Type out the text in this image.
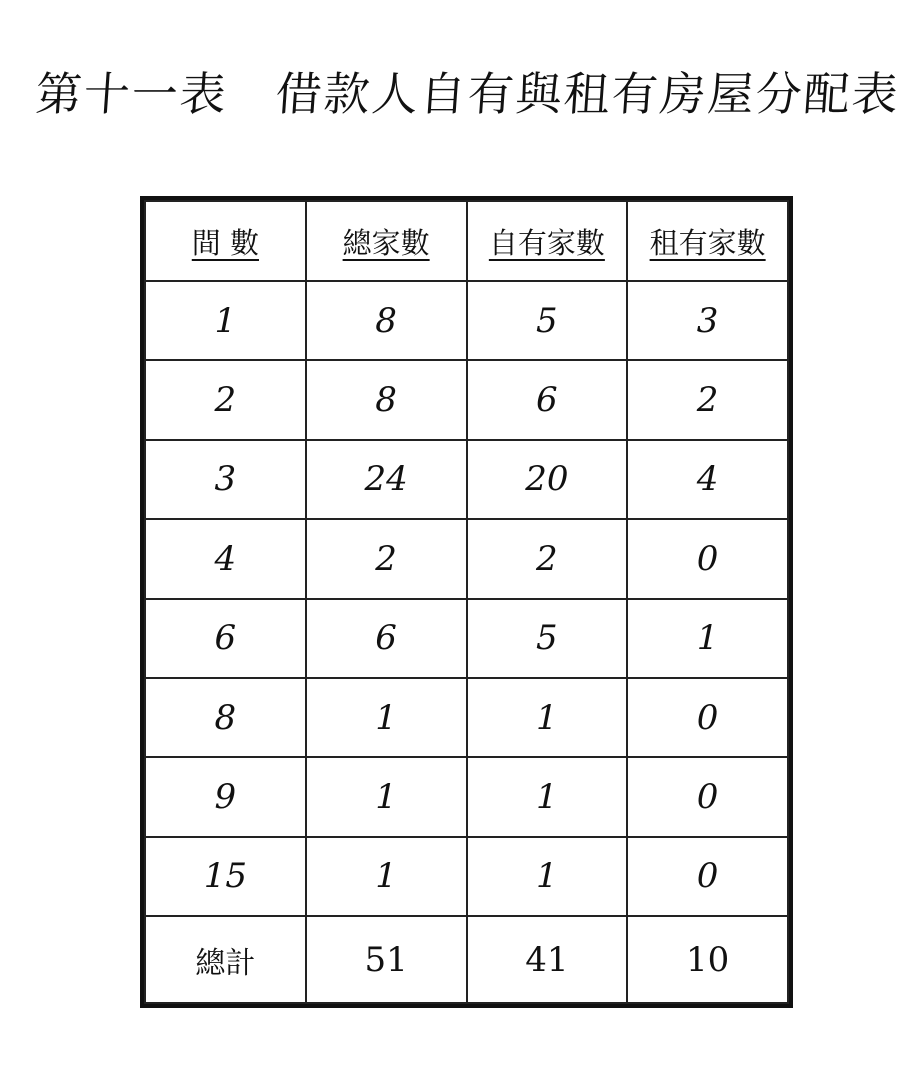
第十一表　借款人自有與租有房屋分配表
間 數	總家數	自有家數	租有家數
1	8	5	3
2	8	6	2
3	24	20	4
4	2	2	0
6	6	5	1
8	1	1	0
9	1	1	0
15	1	1	0
總計	51	41	10
